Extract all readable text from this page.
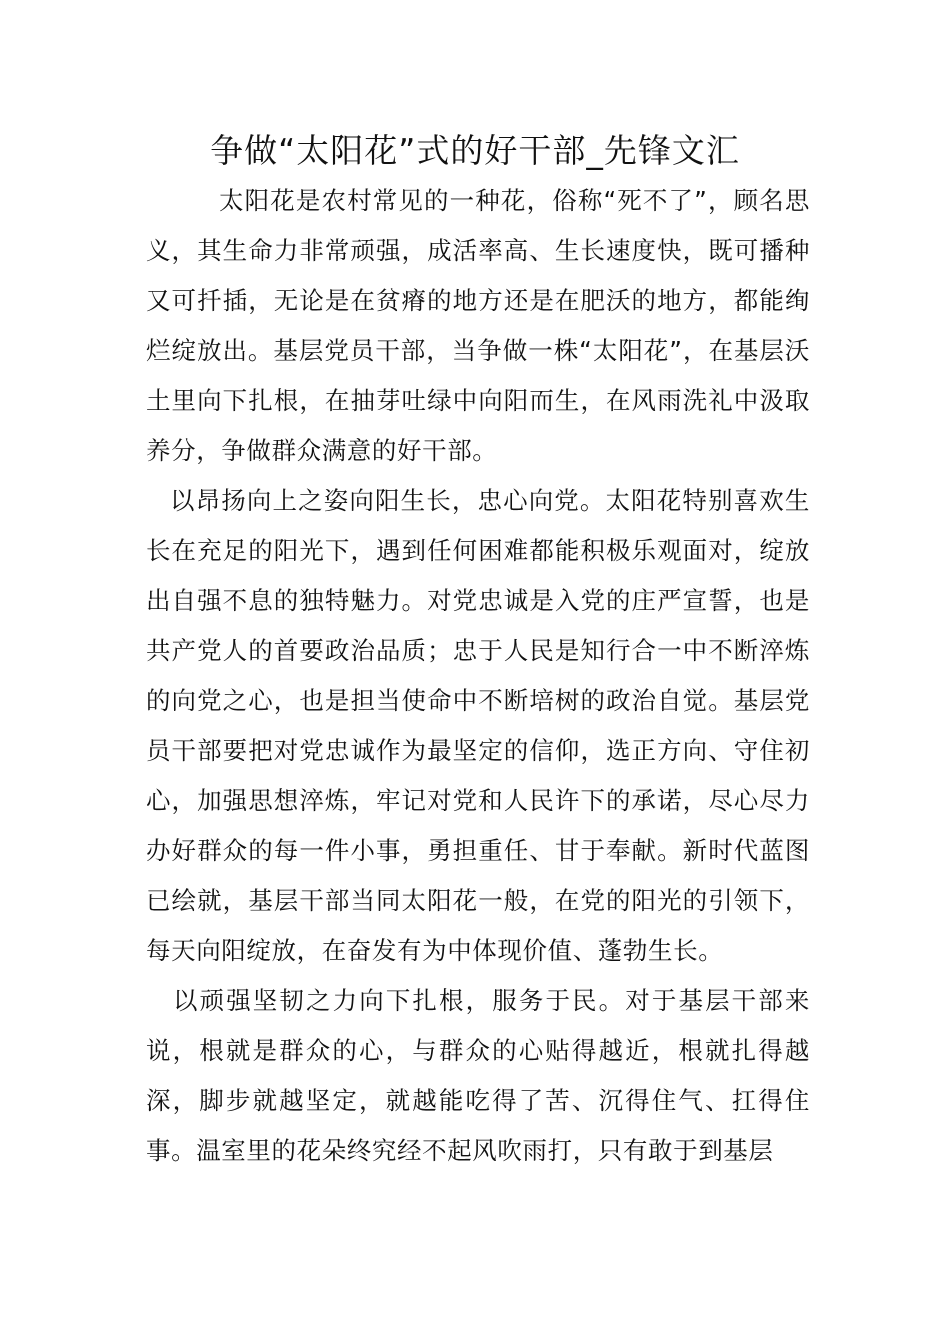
争做“太阳花”式的好干部_先锋文汇

太阳花是农村常见的一种花，俗称“死不了”，顾名思义，其生命力非常顽强，成活率高、生长速度快，既可播种又可扦插，无论是在贫瘠的地方还是在肥沃的地方，都能绚烂绽放出。基层党员干部，当争做一株“太阳花”，在基层沃土里向下扎根，在抽芽吐绿中向阳而生，在风雨洗礼中汲取养分，争做群众满意的好干部。

以昂扬向上之姿向阳生长，忠心向党。太阳花特别喜欢生长在充足的阳光下，遇到任何困难都能积极乐观面对，绽放出自强不息的独特魅力。对党忠诚是入党的庄严宣誓，也是共产党人的首要政治品质；忠于人民是知行合一中不断淬炼的向党之心，也是担当使命中不断培树的政治自觉。基层党员干部要把对党忠诚作为最坚定的信仰，选正方向、守住初心，加强思想淬炼，牢记对党和人民许下的承诺，尽心尽力办好群众的每一件小事，勇担重任、甘于奉献。新时代蓝图已绘就，基层干部当同太阳花一般，在党的阳光的引领下，每天向阳绽放，在奋发有为中体现价值、蓬勃生长。

以顽强坚韧之力向下扎根，服务于民。对于基层干部来说，根就是群众的心，与群众的心贴得越近，根就扎得越深，脚步就越坚定，就越能吃得了苦、沉得住气、扛得住事。温室里的花朵终究经不起风吹雨打，只有敢于到基层
